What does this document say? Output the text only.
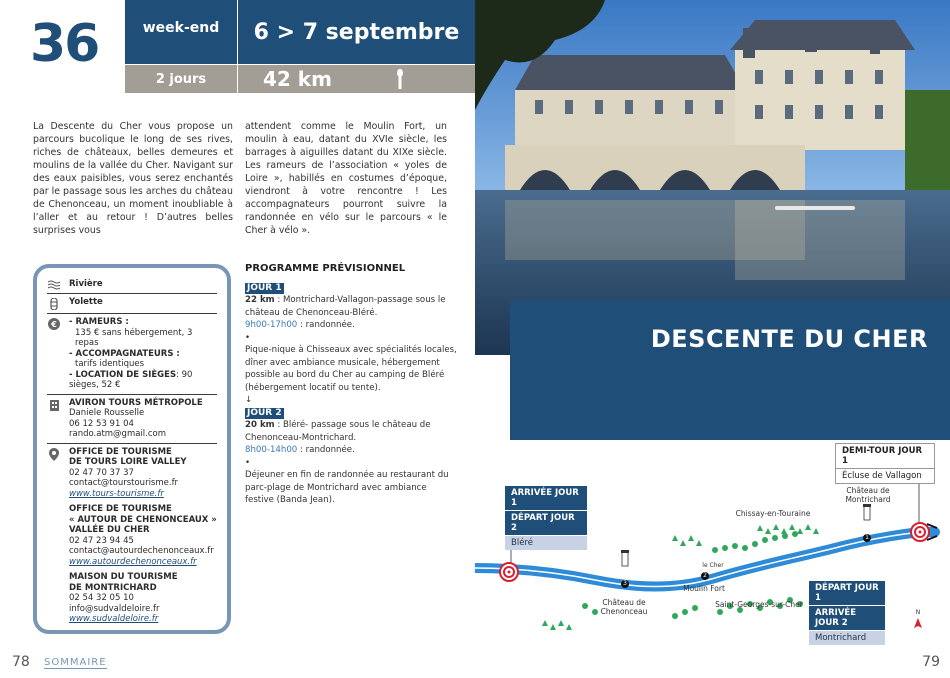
36	week-end	6 > 7 septembre
2 jours	42 km

La Descente du Cher vous propose un parcours bucolique le long de ses rives, riches de châteaux, belles demeures et moulins de la vallée du Cher. Navigant sur des eaux paisibles, vous serez enchantés par le passage sous les arches du château de Chenonceau, un moment inoubliable à l’aller et au retour ! D’autres belles surprises vous

attendent comme le Moulin Fort, un moulin à eau, datant du XVIe siècle, les barrages à aiguilles datant du XIXe siècle. Les rameurs de l’association « yoles de Loire », habillés en costumes d’époque, viendront à votre rencontre ! Les accompagnateurs pourront suivre la randonnée en vélo sur le parcours « le Cher à vélo ».

Rivière
Yolette
€ - RAMEURS :
135 € sans hébergement, 3 repas
- ACCOMPAGNATEURS :
tarifs identiques
- LOCATION DE SIÈGES: 90 sièges, 52 €
AVIRON TOURS MÉTROPOLE
Daniele Rousselle
06 12 53 91 04
rando.atm@gmail.com
OFFICE DE TOURISME
DE TOURS LOIRE VALLEY
02 47 70 37 37
contact@tourstourisme.fr
www.tours-tourisme.fr
OFFICE DE TOURISME
« AUTOUR DE CHENONCEAUX »
VALLÉE DU CHER
02 47 23 94 45
contact@autourdechenonceaux.fr
www.autourdechenonceaux.fr
MAISON DU TOURISME
DE MONTRICHARD
02 54 32 05 10
info@sudvaldeloire.fr
www.sudvaldeloire.fr
PROGRAMME PRÉVISIONNEL
JOUR 1
22 km : Montrichard-Vallagon-passage sous le château de Chenonceau-Bléré.
9h00-17h00 : randonnée.
•
Pique-nique à Chisseaux avec spécialités locales, dîner avec ambiance musicale, hébergement possible au bord du Cher au camping de Bléré (hébergement locatif ou tente).
↓
JOUR 2
20 km : Bléré- passage sous le château de Chenonceau-Montrichard.
8h00-14h00 : randonnée.
•
Déjeuner en fin de randonnée au restaurant du parc-plage de Montrichard avec ambiance festive (Banda Jean).
78 SOMMAIRE
DESCENTE DU CHER
DEMI-TOUR JOUR 1
Écluse de Vallagon
ARRIVÉE JOUR 1
DÉPART JOUR 2
Bléré
DÉPART JOUR 1
ARRIVÉE JOUR 2
Montrichard
Château de
Montrichard
Chissay-en-Touraine
le Cher
Moulin Fort
Saint-Georges-sur-Cher
Château de
Chenonceau
3
2
1
N
79
